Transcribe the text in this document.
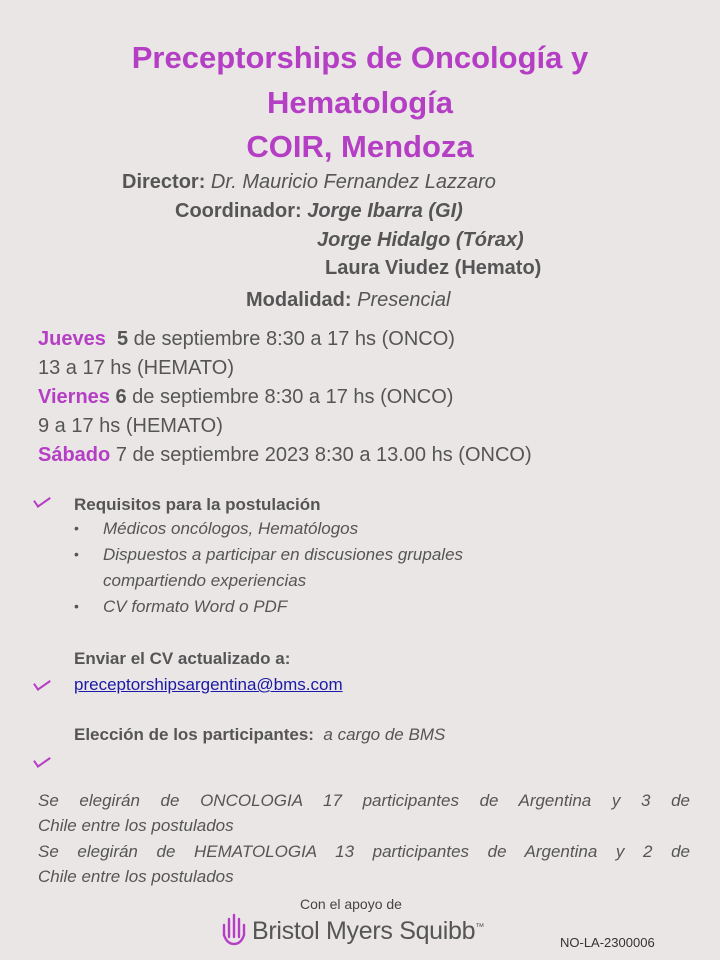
Preceptorships de Oncología y
Hematología
COIR, Mendoza
Director: Dr. Mauricio Fernandez Lazzaro
Coordinador: Jorge Ibarra (GI)
Jorge Hidalgo (Tórax)
Laura Viudez (Hemato)
Modalidad: Presencial
Jueves 5 de septiembre 8:30 a 17 hs (ONCO)
13 a 17 hs (HEMATO)
Viernes 6 de septiembre 8:30 a 17 hs (ONCO)
9 a 17 hs (HEMATO)
Sábado 7 de septiembre 2023 8:30 a 13.00 hs (ONCO)
Requisitos para la postulación
• Médicos oncólogos, Hematólogos
• Dispuestos a participar en discusiones grupales
compartiendo experiencias
• CV formato Word o PDF
Enviar el CV actualizado a:
preceptorshipsargentina@bms.com
Elección de los participantes: a cargo de BMS
Se elegirán de ONCOLOGIA 17 participantes de Argentina y 3 de
Chile entre los postulados
Se elegirán de HEMATOLOGIA 13 participantes de Argentina y 2 de
Chile entre los postulados
Con el apoyo de
Bristol Myers Squibb™
NO-LA-2300006
